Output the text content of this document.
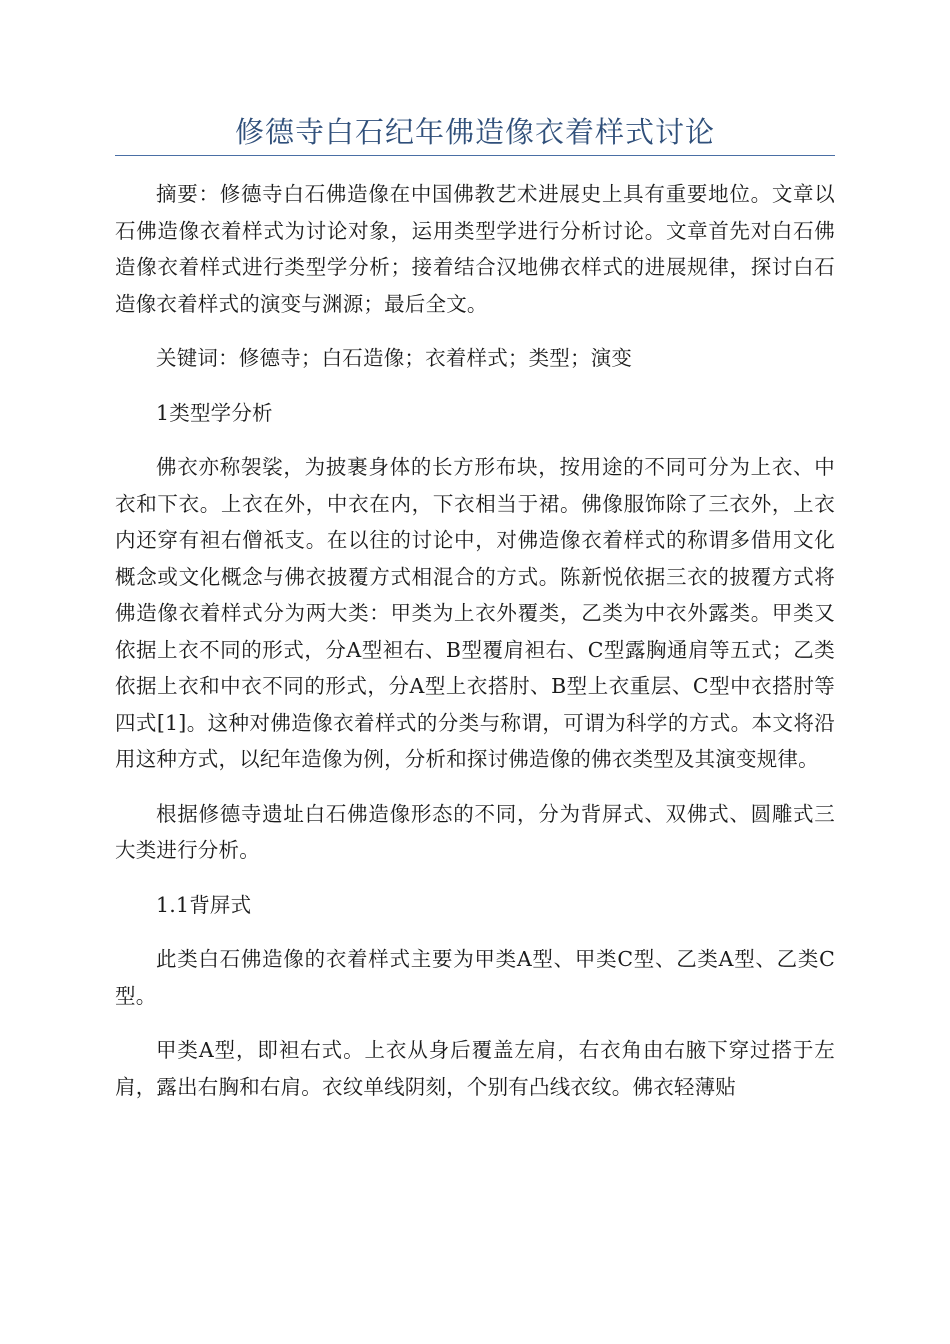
修德寺白石纪年佛造像衣着样式讨论

摘要：修德寺白石佛造像在中国佛教艺术进展史上具有重要地位。文章以石佛造像衣着样式为讨论对象，运用类型学进行分析讨论。文章首先对白石佛造像衣着样式进行类型学分析；接着结合汉地佛衣样式的进展规律，探讨白石造像衣着样式的演变与渊源；最后全文。

关键词：修德寺；白石造像；衣着样式；类型；演变

1类型学分析

佛衣亦称袈裟，为披裹身体的长方形布块，按用途的不同可分为上衣、中衣和下衣。上衣在外，中衣在内，下衣相当于裙。佛像服饰除了三衣外，上衣内还穿有袒右僧祇支。在以往的讨论中，对佛造像衣着样式的称谓多借用文化概念或文化概念与佛衣披覆方式相混合的方式。陈新悦依据三衣的披覆方式将佛造像衣着样式分为两大类：甲类为上衣外覆类，乙类为中衣外露类。甲类又依据上衣不同的形式，分A型袒右、B型覆肩袒右、C型露胸通肩等五式；乙类依据上衣和中衣不同的形式，分A型上衣搭肘、B型上衣重层、C型中衣搭肘等四式[1]。这种对佛造像衣着样式的分类与称谓，可谓为科学的方式。本文将沿用这种方式，以纪年造像为例，分析和探讨佛造像的佛衣类型及其演变规律。

根据修德寺遗址白石佛造像形态的不同，分为背屏式、双佛式、圆雕式三大类进行分析。

1.1背屏式

此类白石佛造像的衣着样式主要为甲类A型、甲类C型、乙类A型、乙类C型。

甲类A型，即袒右式。上衣从身后覆盖左肩，右衣角由右腋下穿过搭于左肩，露出右胸和右肩。衣纹单线阴刻，个别有凸线衣纹。佛衣轻薄贴
